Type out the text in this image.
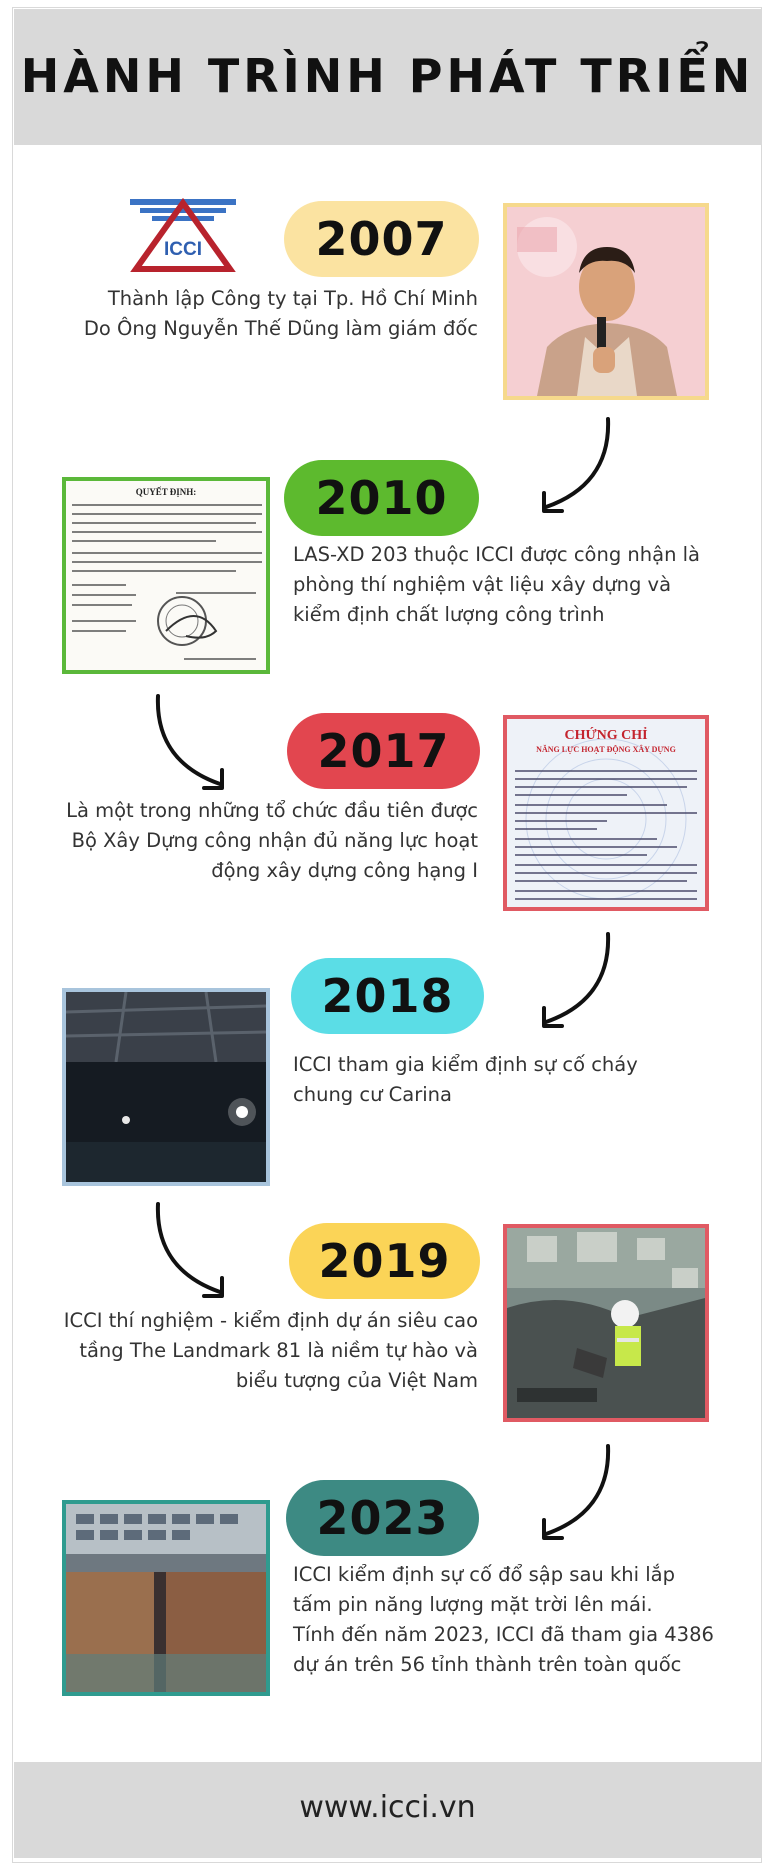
HÀNH TRÌNH PHÁT TRIỂN
ICCI 2007
Thành lập Công ty tại Tp. Hồ Chí Minh
Do Ông Nguyễn Thế Dũng làm giám đốc
QUYẾT ĐỊNH:	2010
LAS-XD 203 thuộc ICCI được công nhận là
phòng thí nghiệm vật liệu xây dựng và
kiểm định chất lượng công trình
2017
Là một trong những tổ chức đầu tiên được
Bộ Xây Dựng công nhận đủ năng lực hoạt
động xây dựng công hạng I
CHỨNG CHỈ
NĂNG LỰC HOẠT ĐỘNG XÂY DỰNG
2018
ICCI tham gia kiểm định sự cố cháy
chung cư Carina
2019
ICCI thí nghiệm - kiểm định dự án siêu cao
tầng The Landmark 81 là niềm tự hào và
biểu tượng của Việt Nam
2023
ICCI kiểm định sự cố đổ sập sau khi lắp
tấm pin năng lượng mặt trời lên mái.
Tính đến năm 2023, ICCI đã tham gia 4386
dự án trên 56 tỉnh thành trên toàn quốc
www.icci.vn
